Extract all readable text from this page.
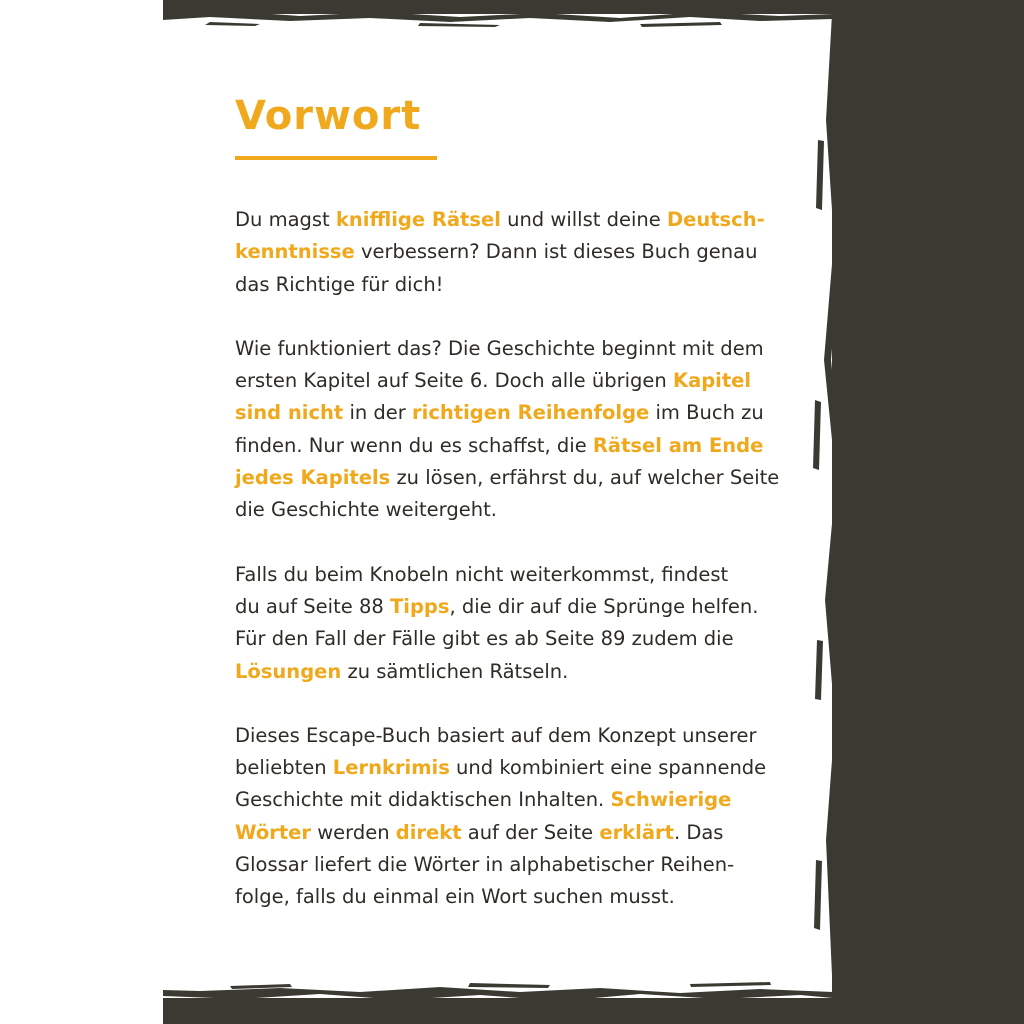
Vorwort

Du magst knifflige Rätsel und willst deine Deutsch-
kenntnisse verbessern? Dann ist dieses Buch genau
das Richtige für dich!

Wie funktioniert das? Die Geschichte beginnt mit dem
ersten Kapitel auf Seite 6. Doch alle übrigen Kapitel
sind nicht in der richtigen Reihenfolge im Buch zu
finden. Nur wenn du es schaffst, die Rätsel am Ende
jedes Kapitels zu lösen, erfährst du, auf welcher Seite
die Geschichte weitergeht.

Falls du beim Knobeln nicht weiterkommst, findest
du auf Seite 88 Tipps, die dir auf die Sprünge helfen.
Für den Fall der Fälle gibt es ab Seite 89 zudem die
Lösungen zu sämtlichen Rätseln.

Dieses Escape-Buch basiert auf dem Konzept unserer
beliebten Lernkrimis und kombiniert eine spannende
Geschichte mit didaktischen Inhalten. Schwierige
Wörter werden direkt auf der Seite erklärt. Das
Glossar liefert die Wörter in alphabetischer Reihen-
folge, falls du einmal ein Wort suchen musst.
